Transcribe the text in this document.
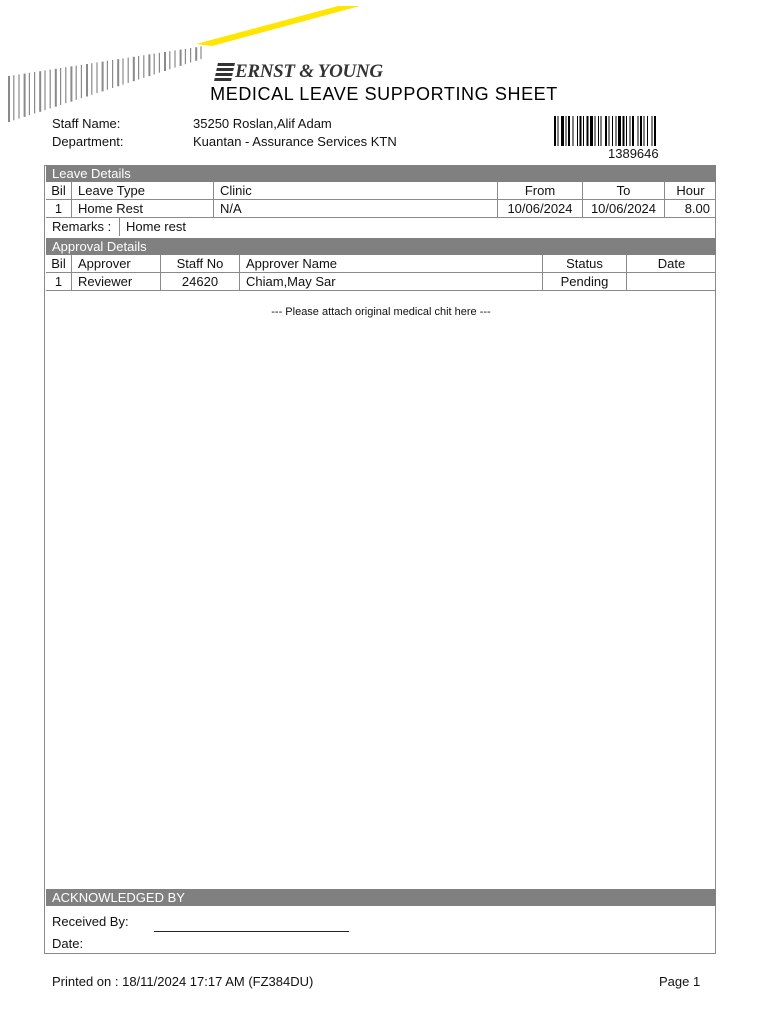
ERNST & YOUNG
MEDICAL LEAVE SUPPORTING SHEET
Staff Name:	35250 Roslan,Alif Adam
Department:	Kuantan - Assurance Services KTN
1389646
Leave Details
Bil Leave Type	Clinic	From	To	Hour
1	Home Rest	N/A	10/06/2024	10/06/2024	8.00
Remarks :	Home rest
Approval Details
Bil Approver	Staff No	Approver Name	Status	Date
1	Reviewer	24620	Chiam,May Sar	Pending
--- Please attach original medical chit here ---
ACKNOWLEDGED BY
Received By:
Date:
Printed on : 18/11/2024 17:17 AM (FZ384DU)	Page 1
